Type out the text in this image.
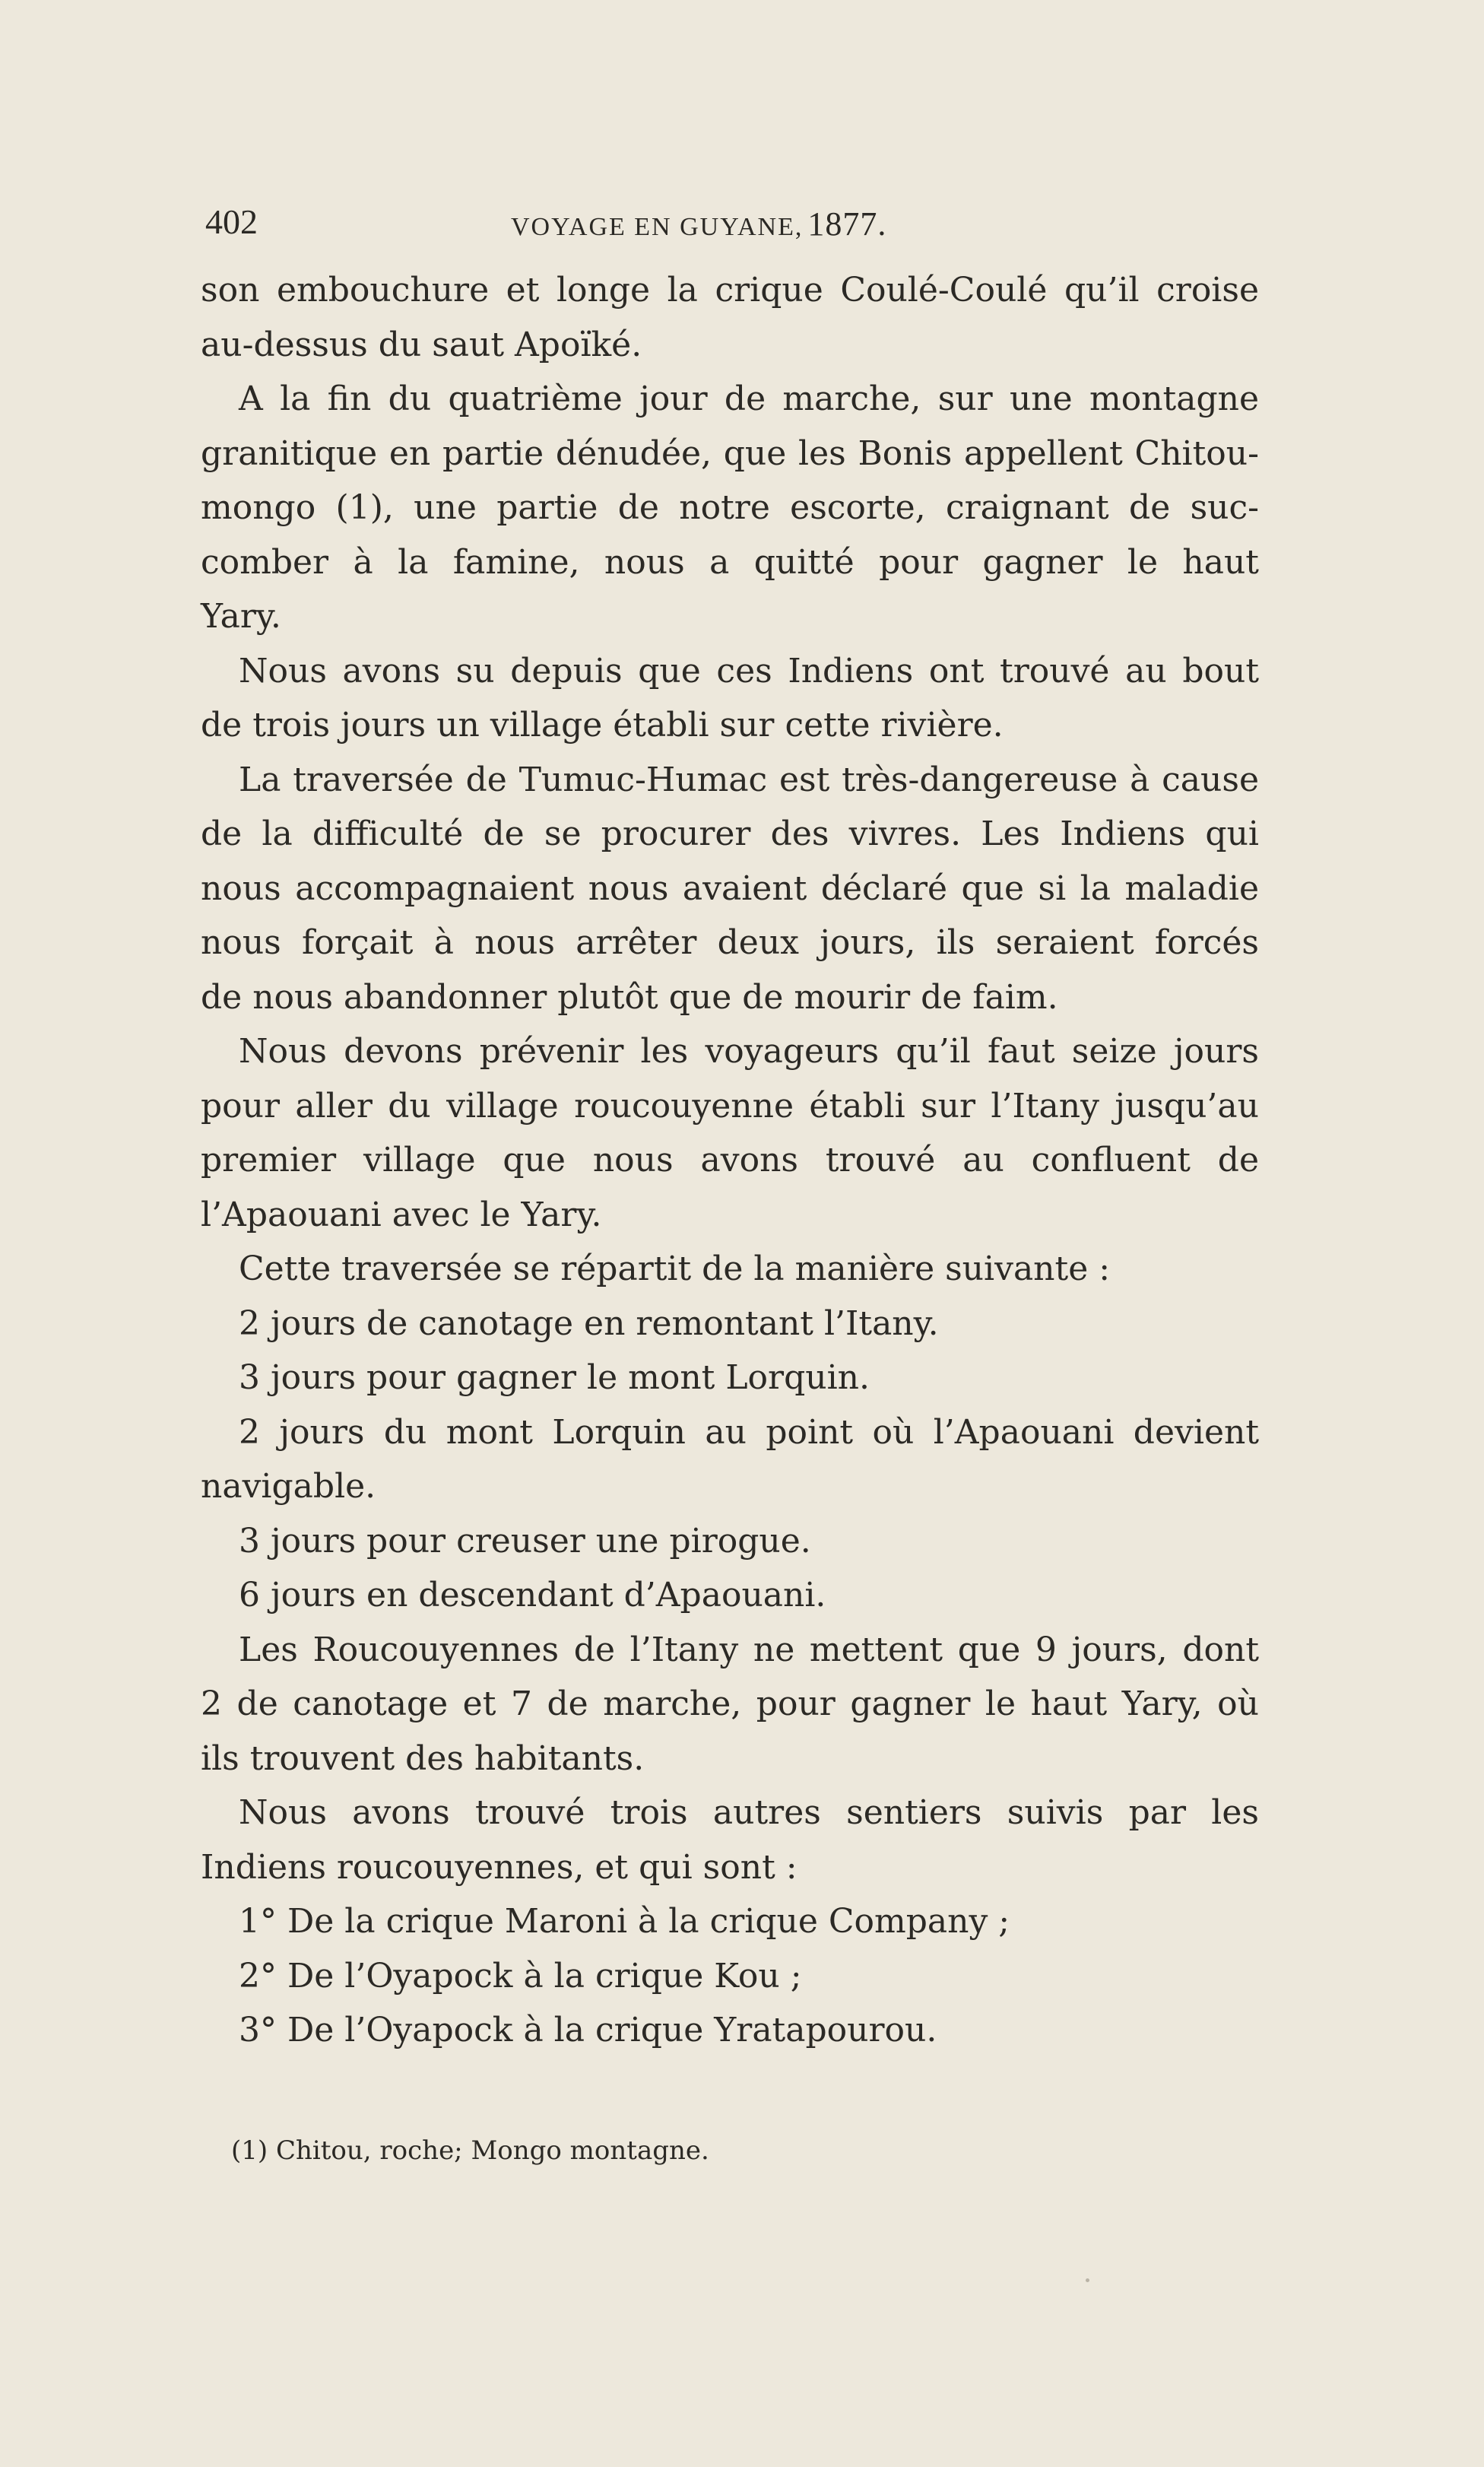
402	VOYAGE EN GUYANE, 1877.
son embouchure et longe la crique Coulé-Coulé qu’il croise
au-dessus du saut Apoïké.
A la fin du quatrième jour de marche, sur une montagne
granitique en partie dénudée, que les Bonis appellent Chitou-
mongo (1), une partie de notre escorte, craignant de suc-
comber à la famine, nous a quitté pour gagner le haut
Yary.
Nous avons su depuis que ces Indiens ont trouvé au bout
de trois jours un village établi sur cette rivière.
La traversée de Tumuc-Humac est très-dangereuse à cause
de la difficulté de se procurer des vivres. Les Indiens qui
nous accompagnaient nous avaient déclaré que si la maladie
nous forçait à nous arrêter deux jours, ils seraient forcés
de nous abandonner plutôt que de mourir de faim.
Nous devons prévenir les voyageurs qu’il faut seize jours
pour aller du village roucouyenne établi sur l’Itany jusqu’au
premier village que nous avons trouvé au confluent de
l’Apaouani avec le Yary.
Cette traversée se répartit de la manière suivante :
2 jours de canotage en remontant l’Itany.
3 jours pour gagner le mont Lorquin.
2 jours du mont Lorquin au point où l’Apaouani devient
navigable.
3 jours pour creuser une pirogue.
6 jours en descendant d’Apaouani.
Les Roucouyennes de l’Itany ne mettent que 9 jours, dont
2 de canotage et 7 de marche, pour gagner le haut Yary, où
ils trouvent des habitants.
Nous avons trouvé trois autres sentiers suivis par les
Indiens roucouyennes, et qui sont :
1° De la crique Maroni à la crique Company ;
2° De l’Oyapock à la crique Kou ;
3° De l’Oyapock à la crique Yratapourou.
(1) Chitou, roche; Mongo montagne.
